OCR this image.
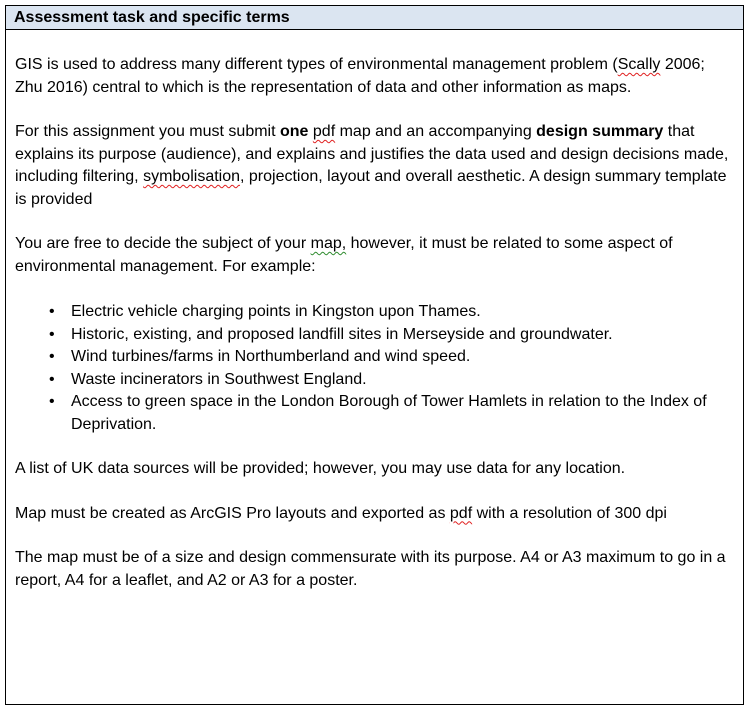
Assessment task and specific terms

GIS is used to address many different types of environmental management problem (Scally 2006; Zhu 2016) central to which is the representation of data and other information as maps.

For this assignment you must submit one pdf map and an accompanying design summary that explains its purpose (audience), and explains and justifies the data used and design decisions made, including filtering, symbolisation, projection, layout and overall aesthetic. A design summary template is provided

You are free to decide the subject of your map, however, it must be related to some aspect of environmental management. For example:

• Electric vehicle charging points in Kingston upon Thames.
• Historic, existing, and proposed landfill sites in Merseyside and groundwater.
• Wind turbines/farms in Northumberland and wind speed.
• Waste incinerators in Southwest England.
• Access to green space in the London Borough of Tower Hamlets in relation to the Index of Deprivation.

A list of UK data sources will be provided; however, you may use data for any location.

Map must be created as ArcGIS Pro layouts and exported as pdf with a resolution of 300 dpi

The map must be of a size and design commensurate with its purpose. A4 or A3 maximum to go in a report, A4 for a leaflet, and A2 or A3 for a poster.
